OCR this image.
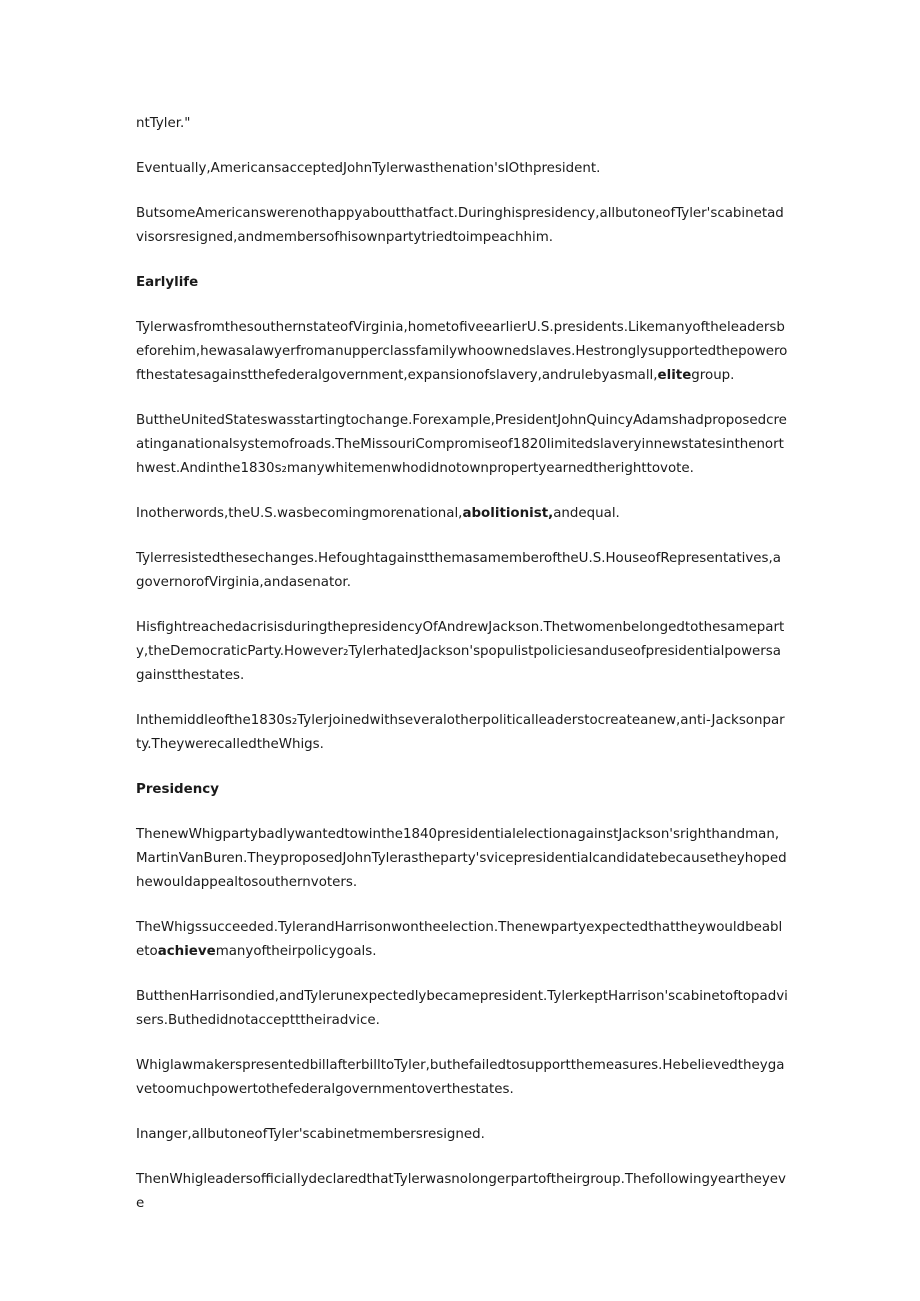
ntTyler."

Eventually,AmericansacceptedJohnTylerwasthenation'sIOthpresident.

ButsomeAmericanswerenothappyaboutthatfact.Duringhispresidency,allbutoneofTyler'scabinetadvisorsresigned,andmembersofhisownpartytriedtoimpeachhim.

Earlylife

TylerwasfromthesouthernstateofVirginia,hometofiveearlierU.S.presidents.Likemanyoftheleadersbeforehim,hewasalawyerfromanupperclassfamilywhoownedslaves.Hestronglysupportedthepowerofthestatesagainstthefederalgovernment,expansionofslavery,andrulebyasmall,elitegroup.

ButtheUnitedStateswasstartingtochange.Forexample,PresidentJohnQuincyAdamshadproposedcreatinganationalsystemofroads.TheMissouriCompromiseof1820limitedslaveryinnewstatesinthenorthwest.Andinthe1830s₂manywhitemenwhodidnotownpropertyearnedtherighttovote.

Inotherwords,theU.S.wasbecomingmorenational,abolitionist,andequal.

Tylerresistedthesechanges.HefoughtagainstthemasamemberoftheU.S.HouseofRepresentatives,agovernorofVirginia,andasenator.

HisfightreachedacrisisduringthepresidencyOfAndrewJackson.Thetwomenbelongedtothesameparty,theDemocraticParty.However₂TylerhatedJackson'spopulistpoliciesanduseofpresidentialpowersagainstthestates.

Inthemiddleofthe1830s₂Tylerjoinedwithseveralotherpoliticalleaderstocreateanew,anti-Jacksonparty.TheywerecalledtheWhigs.

Presidency

ThenewWhigpartybadlywantedtowinthe1840presidentialelectionagainstJackson'srighthandman,MartinVanBuren.TheyproposedJohnTylerastheparty'svicepresidentialcandidatebecausetheyhopedhewouldappealtosouthernvoters.

TheWhigssucceeded.TylerandHarrisonwontheelection.Thenewpartyexpectedthattheywouldbeabletoachievemanyoftheirpolicygoals.

ButthenHarrisondied,andTylerunexpectedlybecamepresident.TylerkeptHarrison'scabinetoftopadvisers.Buthedidnotacceptttheiradvice.

WhiglawmakerspresentedbillafterbilltoTyler,buthefailedtosupportthemeasures.Hebelievedtheygavetoomuchpowertothefederalgovernmentoverthestates.

Inanger,allbutoneofTyler'scabinetmembersresigned.

ThenWhigleadersofficiallydeclaredthatTylerwasnolongerpartoftheirgroup.Thefollowingyeartheyeve
